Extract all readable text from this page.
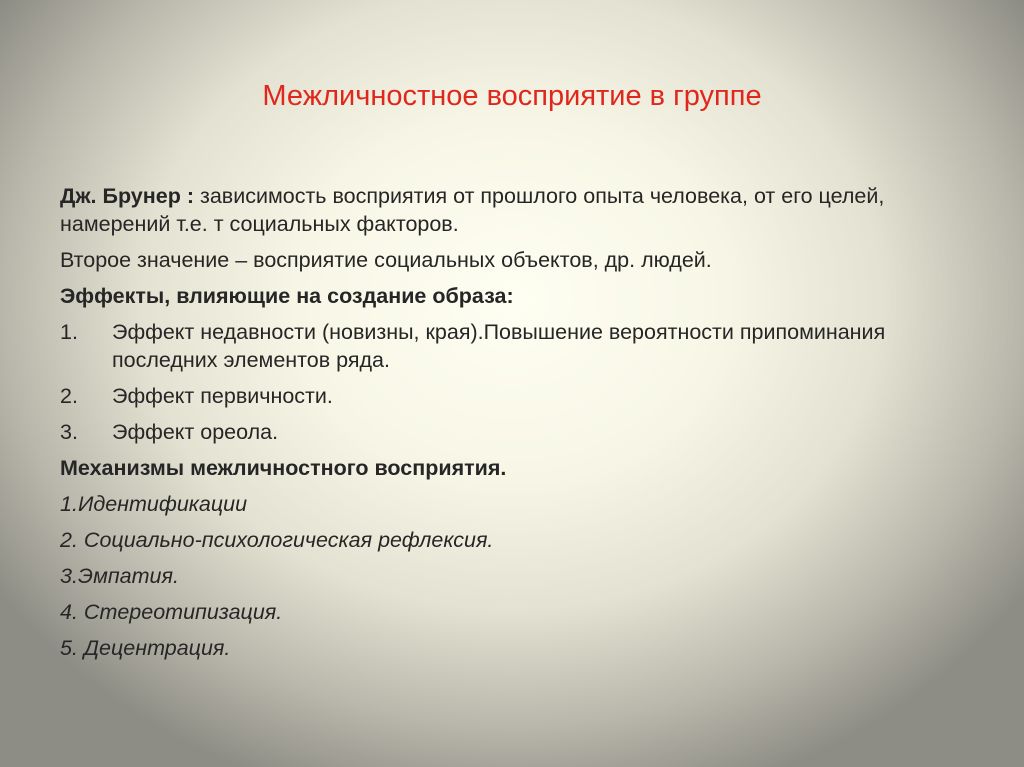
Межличностное восприятие в группе

Дж. Брунер : зависимость восприятия от прошлого опыта человека, от его целей, намерений т.е. т социальных факторов.

Второе значение – восприятие социальных объектов, др. людей.

Эффекты, влияющие на создание образа:

1.	Эффект недавности (новизны, края).Повышение вероятности припоминания последних элементов ряда.
2.	Эффект первичности.
3.	Эффект ореола.

Механизмы межличностного восприятия.

1.Идентификации

2. Социально-психологическая рефлексия.

3.Эмпатия.

4. Стереотипизация.

5. Децентрация.
